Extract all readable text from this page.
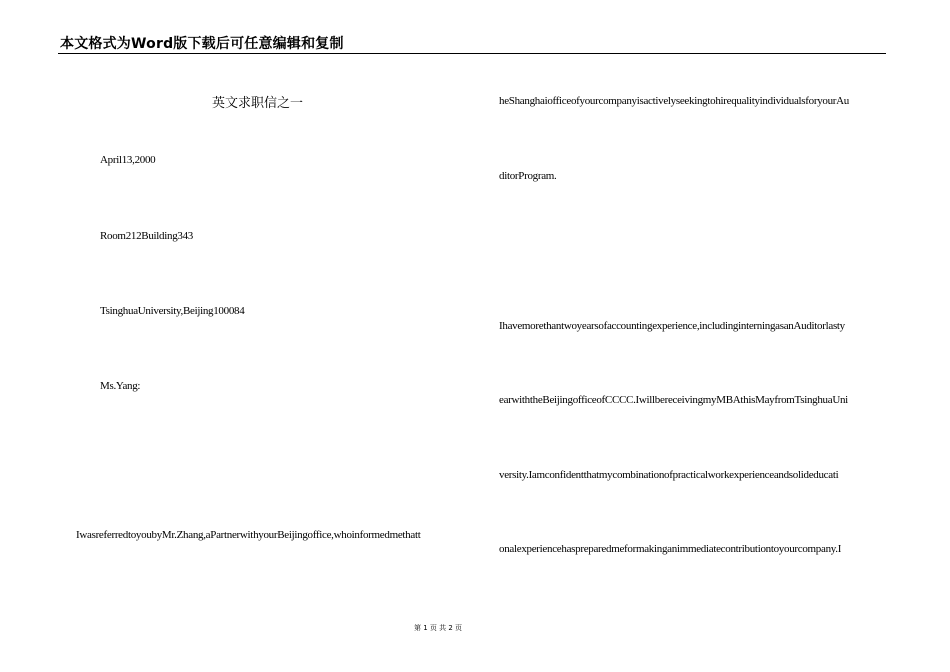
本文格式为Word版下载后可任意编辑和复制
英文求职信之一
April13,2000
Room212Building343
TsinghuaUniversity,Beijing100084
Ms.Yang:
IwasreferredtoyoubyMr.Zhang,aPartnerwithyourBeijingoffice,whoinformedmethatt
heShanghaiofficeofyourcompanyisactivelyseekingtohirequalityindividualsforyourAu
ditorProgram.
Ihavemorethantwoyearsofaccountingexperience,includinginterningasanAuditorlasty
earwiththeBeijingofficeofCCCC.IwillbereceivingmyMBAthisMayfromTsinghuaUni
versity.Iamconfidentthatmycombinationofpracticalworkexperienceandsolideducati
onalexperiencehaspreparedmeformakinganimmediatecontributiontoyourcompany.I
第 1 页 共 2 页
